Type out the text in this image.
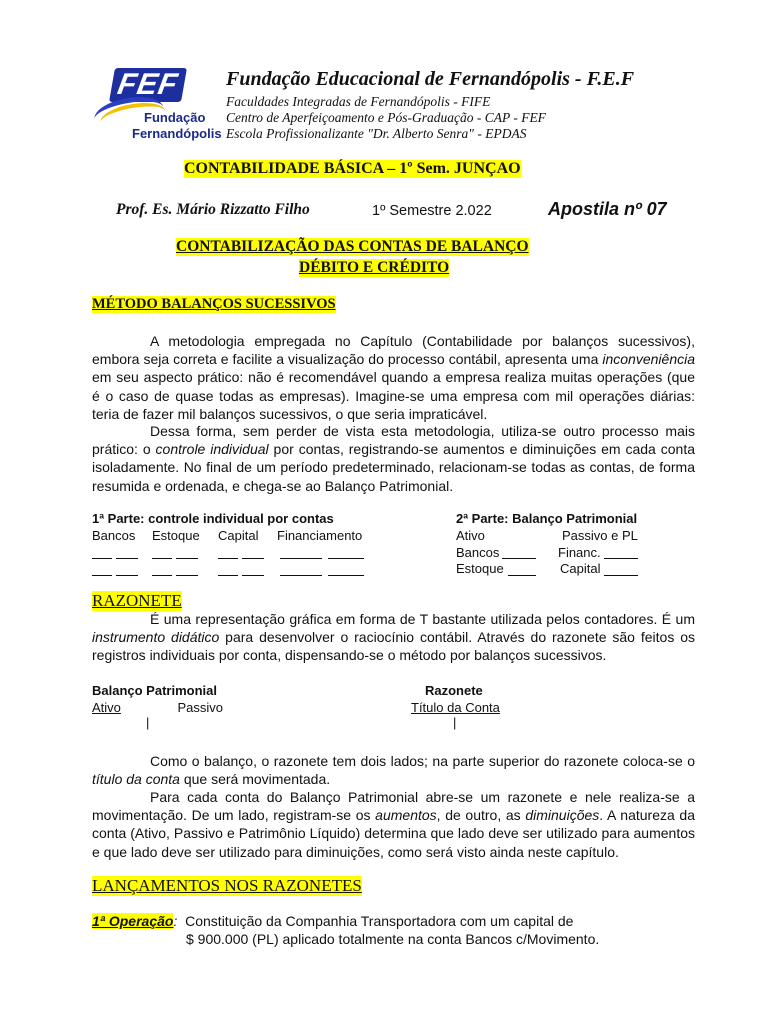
FEF
Fundação
Fernandópolis
Fundação Educacional de Fernandópolis - F.E.F
Faculdades Integradas de Fernandópolis - FIFE
Centro de Aperfeiçoamento e Pós-Graduação - CAP - FEF
Escola Profissionalizante "Dr. Alberto Senra" - EPDAS
CONTABILIDADE BÁSICA – 1º Sem. JUNÇAO
Prof. Es. Mário Rizzatto Filho	1º Semestre 2.022	Apostila nº 07
CONTABILIZAÇÃO DAS CONTAS DE BALANÇO
DÉBITO E CRÉDITO
MÉTODO BALANÇOS SUCESSIVOS
A metodologia empregada no Capítulo (Contabilidade por balanços sucessivos), embora seja correta e facilite a visualização do processo contábil, apresenta uma inconveniência em seu aspecto prático: não é recomendável quando a empresa realiza muitas operações (que é o caso de quase todas as empresas). Imagine-se uma empresa com mil operações diárias: teria de fazer mil balanços sucessivos, o que seria impraticável.
Dessa forma, sem perder de vista esta metodologia, utiliza-se outro processo mais prático: o controle individual por contas, registrando-se aumentos e diminuições em cada conta isoladamente. No final de um período predeterminado, relacionam-se todas as contas, de forma resumida e ordenada, e chega-se ao Balanço Patrimonial.
1ª Parte: controle individual por contas
Bancos Estoque Capital Financiamento
2ª Parte: Balanço Patrimonial
Ativo	Passivo e PL
Bancos	Financ.
Estoque	Capital
RAZONETE
É uma representação gráfica em forma de T bastante utilizada pelos contadores. É um instrumento didático para desenvolver o raciocínio contábil. Através do razonete são feitos os registros individuais por conta, dispensando-se o método por balanços sucessivos.
Balanço Patrimonial
Ativo	Passivo
|
Razonete
Título da Conta
|
Como o balanço, o razonete tem dois lados; na parte superior do razonete coloca-se o título da conta que será movimentada.
Para cada conta do Balanço Patrimonial abre-se um razonete e nele realiza-se a movimentação. De um lado, registram-se os aumentos, de outro, as diminuições. A natureza da conta (Ativo, Passivo e Patrimônio Líquido) determina que lado deve ser utilizado para aumentos e que lado deve ser utilizado para diminuições, como será visto ainda neste capítulo.
LANÇAMENTOS NOS RAZONETES
1ª Operação: Constituição da Companhia Transportadora com um capital de
$ 900.000 (PL) aplicado totalmente na conta Bancos c/Movimento.
